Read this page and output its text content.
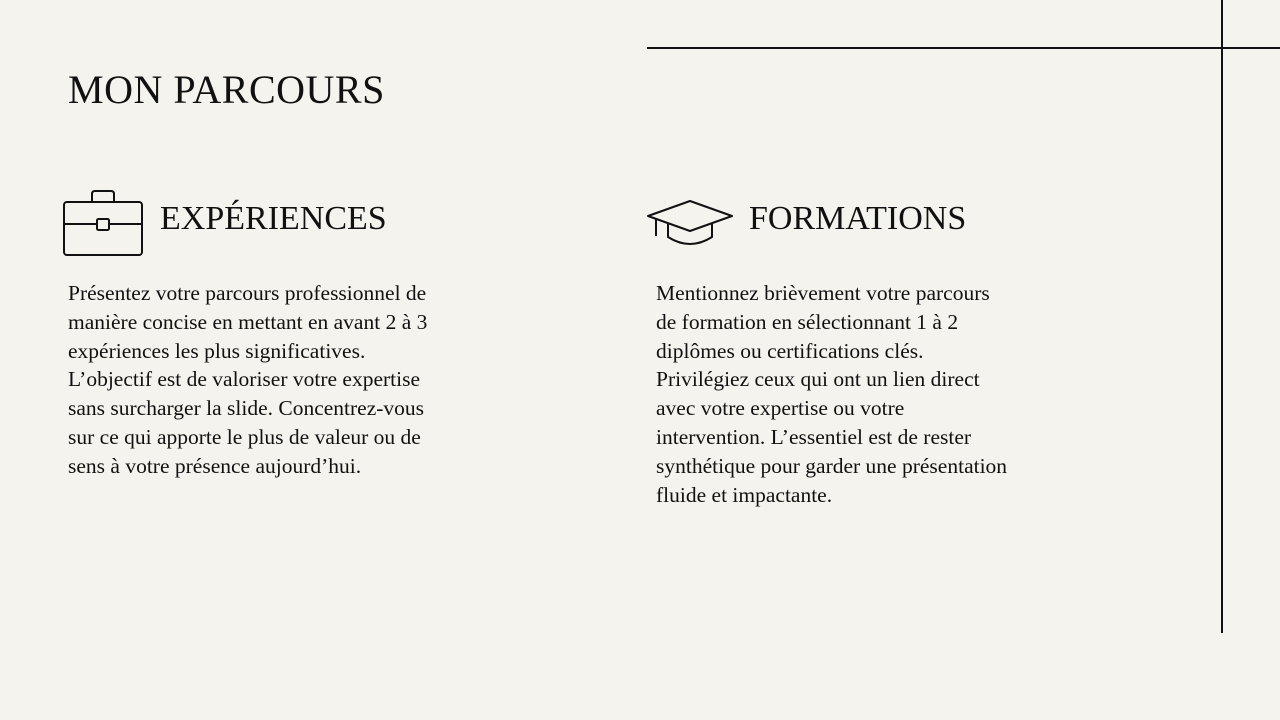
MON PARCOURS
EXPÉRIENCES
Présentez votre parcours professionnel de
manière concise en mettant en avant 2 à 3
expériences les plus significatives.
L’objectif est de valoriser votre expertise
sans surcharger la slide. Concentrez-vous
sur ce qui apporte le plus de valeur ou de
sens à votre présence aujourd’hui.
FORMATIONS
Mentionnez brièvement votre parcours
de formation en sélectionnant 1 à 2
diplômes ou certifications clés.
Privilégiez ceux qui ont un lien direct
avec votre expertise ou votre
intervention. L’essentiel est de rester
synthétique pour garder une présentation
fluide et impactante.
